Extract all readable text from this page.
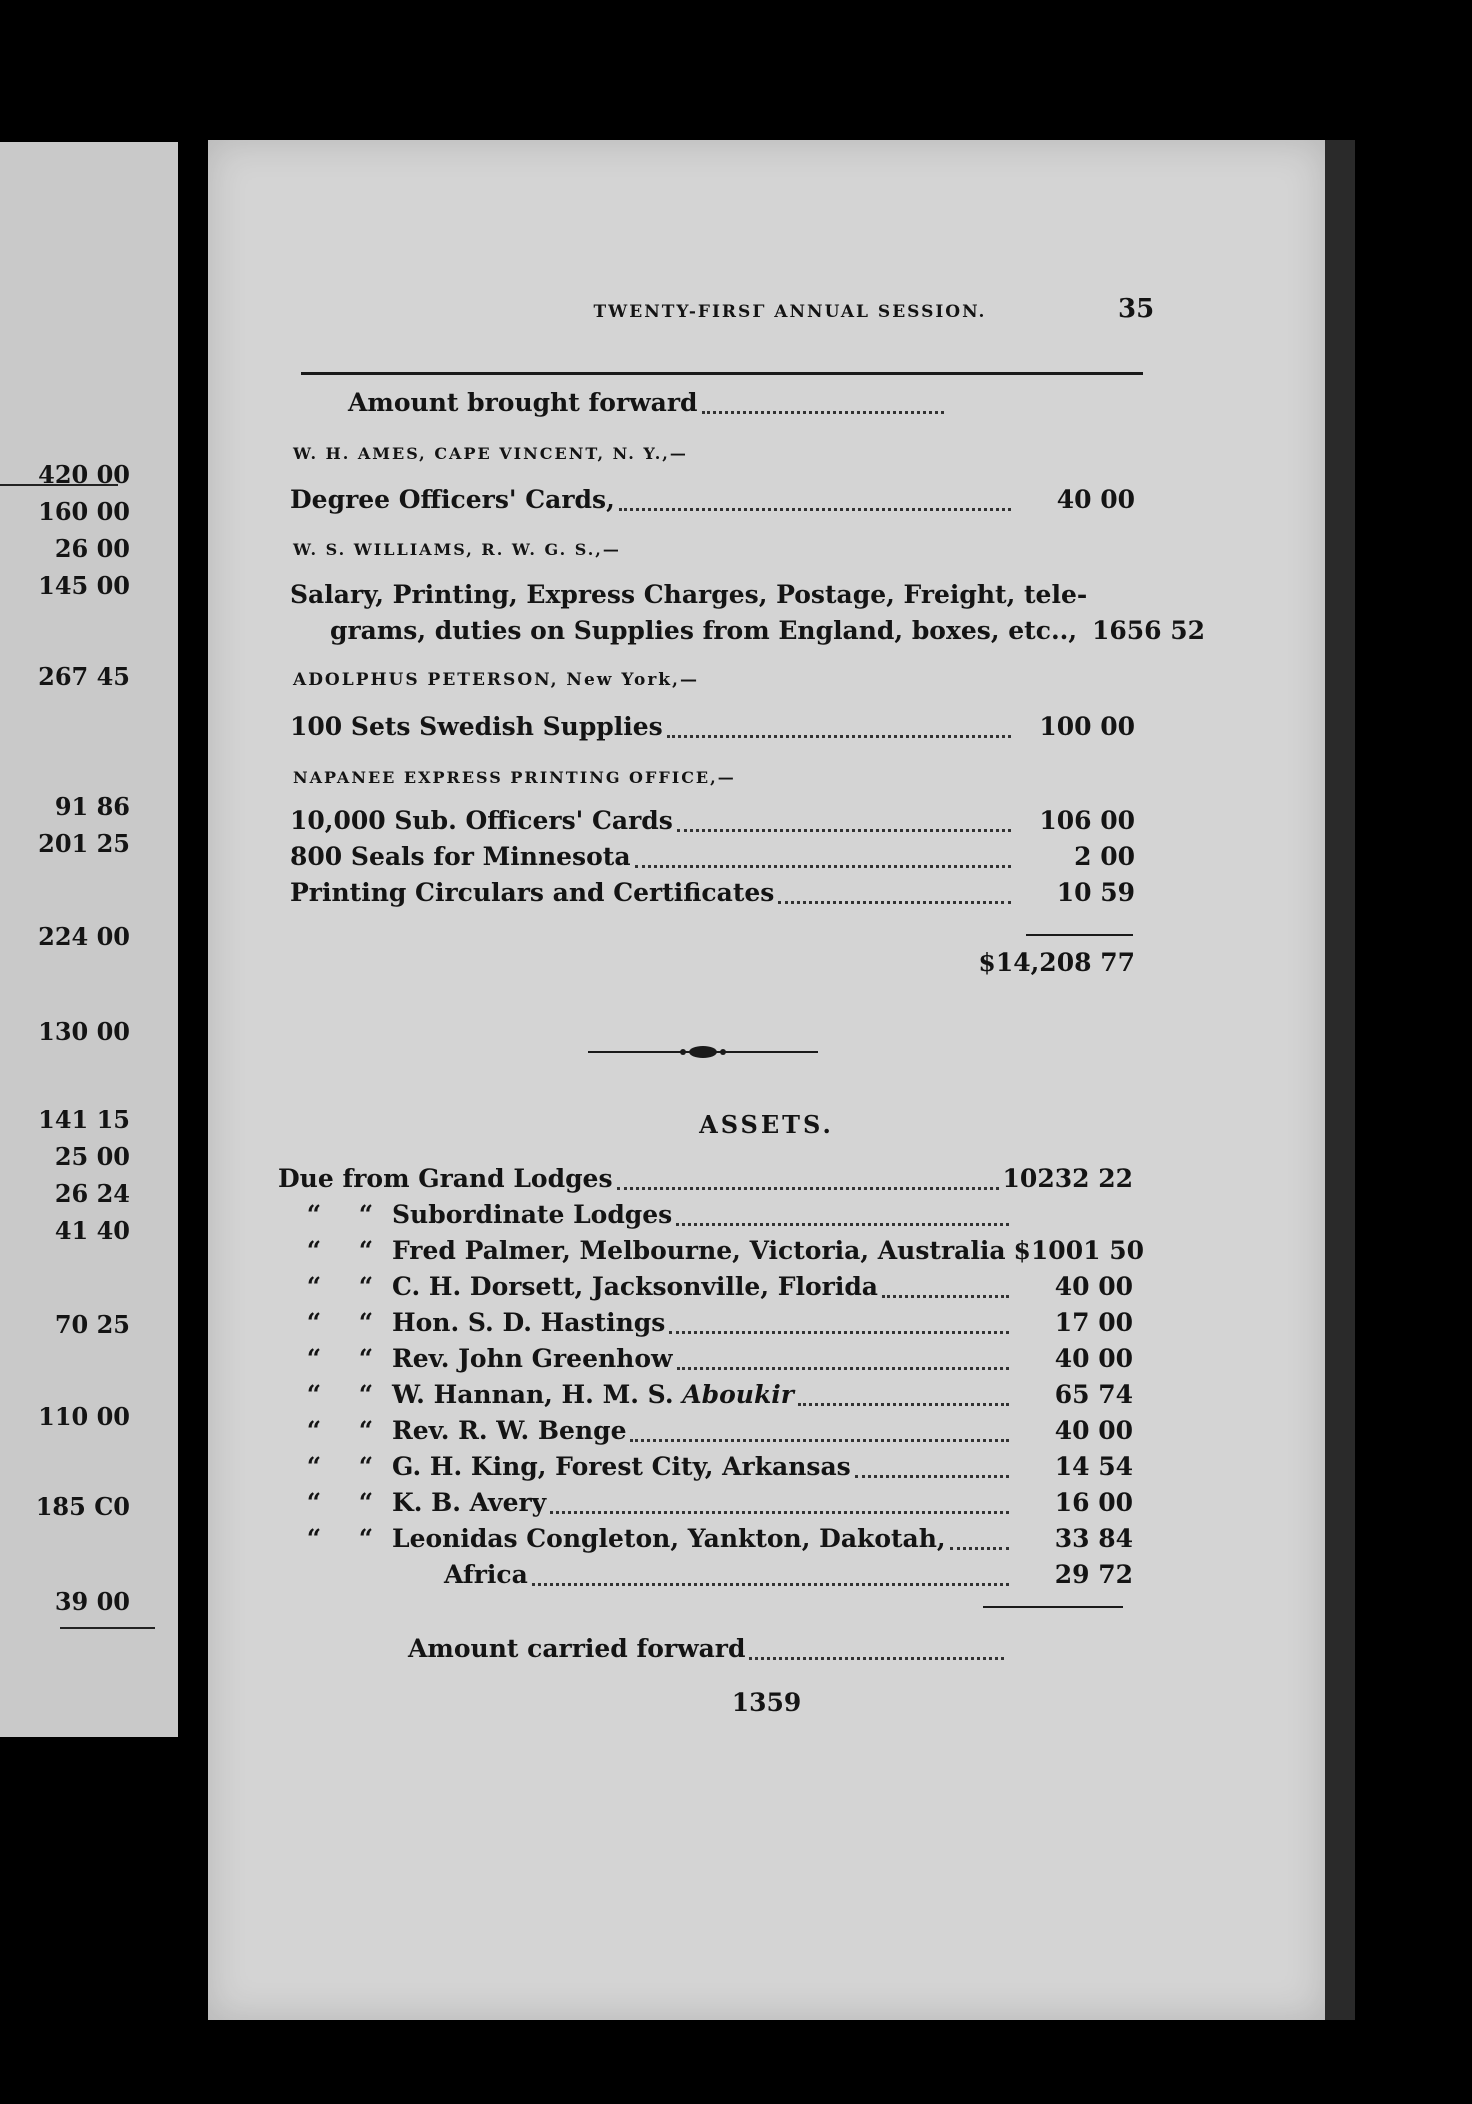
420 00
160 00
26 00
145 00
267 45
91 86
201 25
224 00
130 00
141 15
25 00
26 24
41 40
70 25
110 00
185 C0
39 00
TWENTY-FIRSΓ ANNUAL SESSION.	35
Amount brought forward
W. H. AMES, CAPE VINCENT, N. Y.,—
Degree Officers' Cards,	40 00
W. S. WILLIAMS, R. W. G. S.,—
Salary, Printing, Express Charges, Postage, Freight, tele-
grams, duties on Supplies from England, boxes, etc.., 1656 52
ADOLPHUS PETERSON, New York,—
100 Sets Swedish Supplies	100 00
NAPANEE EXPRESS PRINTING OFFICE,—
10,000 Sub. Officers' Cards	106 00
800 Seals for Minnesota	2 00
Printing Circulars and Certificates	10 59
$14,208 77
ASSETS.
Due from Grand Lodges	10232 22
“ “ Subordinate Lodges
“ “ Fred Palmer, Melbourne, Victoria, Australia $1001 50
“ “ C. H. Dorsett, Jacksonville, Florida	40 00
“ “ Hon. S. D. Hastings	17 00
“ “ Rev. John Greenhow	40 00
“ “ W. Hannan, H. M. S. Aboukir	65 74
“ “ Rev. R. W. Benge	40 00
“ “ G. H. King, Forest City, Arkansas	14 54
“ “ K. B. Avery	16 00
“ “ Leonidas Congleton, Yankton, Dakotah,	33 84
Africa	29 72
Amount carried forward
1359
